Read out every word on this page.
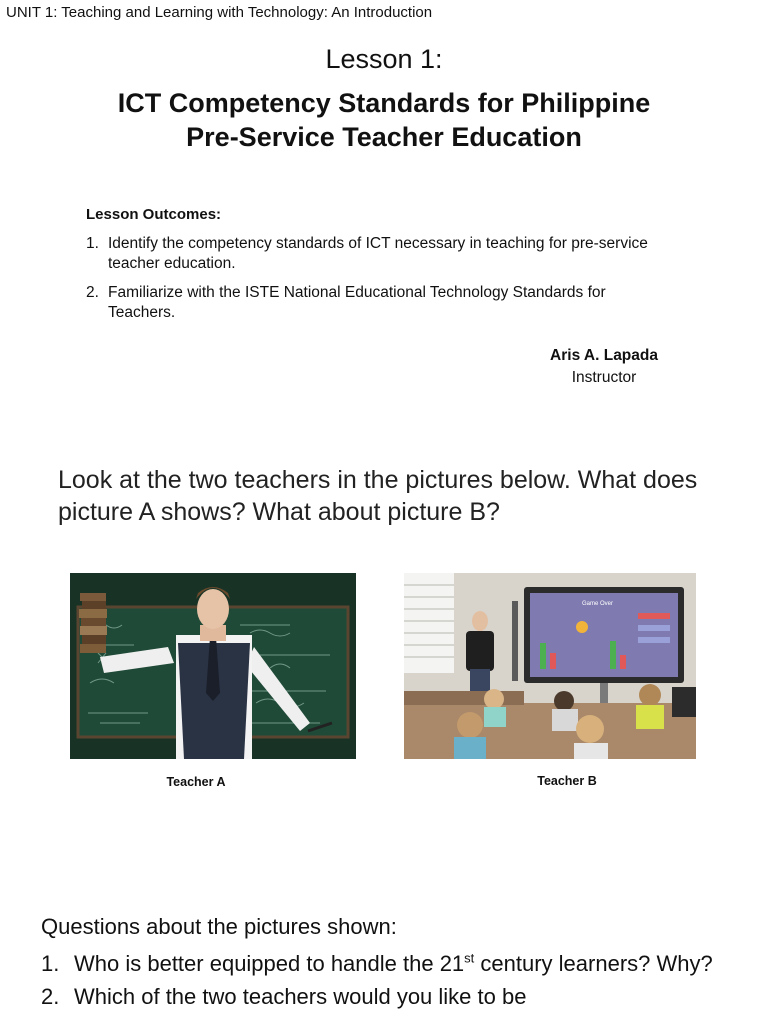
UNIT 1: Teaching and Learning with Technology: An Introduction
Lesson 1:
ICT Competency Standards for Philippine
Pre-Service Teacher Education
Lesson Outcomes:
1. Identify the competency standards of ICT necessary in teaching for pre-service teacher education.
2. Familiarize with the ISTE National Educational Technology Standards for Teachers.
Aris A. Lapada
Instructor
Look at the two teachers in the pictures below. What does picture A shows? What about picture B?
Game Over
Teacher A	Teacher B
Questions about the pictures shown:
1. Who is better equipped to handle the 21st century learners? Why?
2. Which of the two teachers would you like to be
